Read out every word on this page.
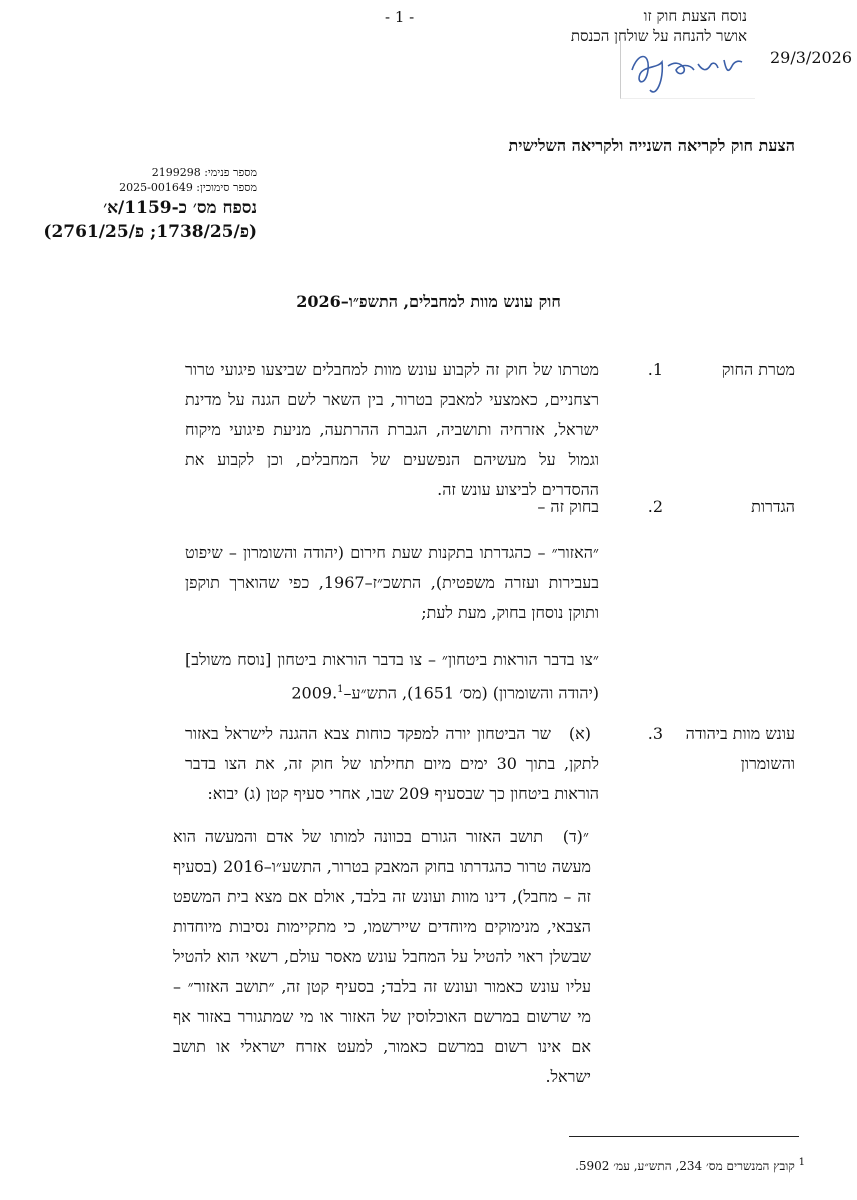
- 1 -	נוסח הצעת חוק זו
אושר להנחה על שולחן הכנסת
29/3/2026
הצעת חוק לקריאה השנייה ולקריאה השלישית
מספר פנימי: 2199298
מספר סימוכין: 2025-001649
נספח מס׳ כ-1159/א׳
(פ/1738/25; פ/2761/25)
חוק עונש מוות למחבלים, התשפ״ו–2026
מטרת החוק
1.
מטרתו של חוק זה לקבוע עונש מוות למחבלים שביצעו פיגועי טרור רצחניים, כאמצעי למאבק בטרור, בין השאר לשם הגנה על מדינת ישראל, אזרחיה ותושביה, הגברת ההרתעה, מניעת פיגועי מיקוח וגמול על מעשיהם הנפשעים של המחבלים, וכן לקבוע את ההסדרים לביצוע עונש זה.
הגדרות
2.
בחוק זה –
״האזור״ – כהגדרתו בתקנות שעת חירום (יהודה והשומרון – שיפוט בעבירות ועזרה משפטית), התשכ״ז–1967, כפי שהוארך תוקפן ותוקן נוסחן בחוק, מעת לעת;
״צו בדבר הוראות ביטחון״ – צו בדבר הוראות ביטחון [נוסח משולב] (יהודה והשומרון) (מס׳ 1651), התש״ע–2009.$^1$
עונש מוות ביהודה והשומרון
3.
(א)
שר הביטחון יורה למפקד כוחות צבא ההגנה לישראל באזור לתקן, בתוך 30 ימים מיום תחילתו של חוק זה, את הצו בדבר הוראות ביטחון כך שבסעיף 209 שבו, אחרי סעיף קטן (ג) יבוא:
״(ד)
תושב האזור הגורם בכוונה למותו של אדם והמעשה הוא מעשה טרור כהגדרתו בחוק המאבק בטרור, התשע״ו–2016 (בסעיף זה – מחבל), דינו מוות ועונש זה בלבד, אולם אם מצא בית המשפט הצבאי, מנימוקים מיוחדים שיירשמו, כי מתקיימות נסיבות מיוחדות שבשלן ראוי להטיל על המחבל עונש מאסר עולם, רשאי הוא להטיל עליו עונש כאמור ועונש זה בלבד; בסעיף קטן זה, ״תושב האזור״ – מי שרשום במרשם האוכלוסין של האזור או מי שמתגורר באזור אף אם אינו רשום במרשם כאמור, למעט אזרח ישראלי או תושב ישראל.
$^1$ קובץ המנשרים מס׳ 234, התש״ע, עמ׳ 5902.
